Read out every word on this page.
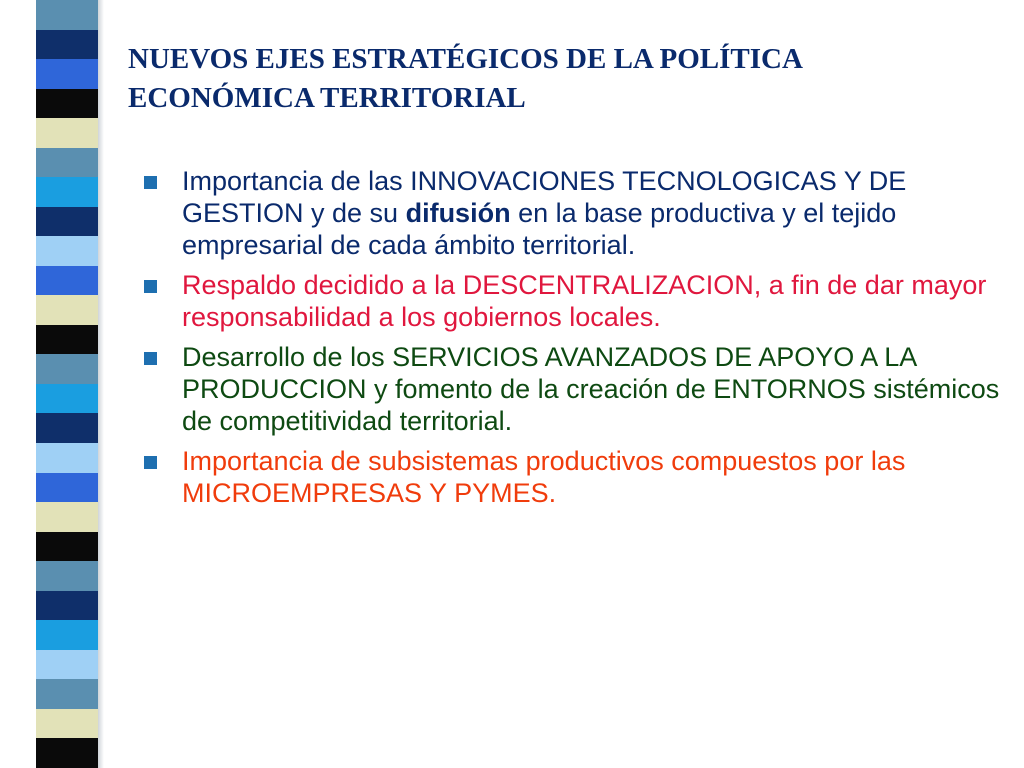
NUEVOS EJES ESTRATÉGICOS DE LA POLÍTICA
ECONÓMICA TERRITORIAL
Importancia de las INNOVACIONES TECNOLOGICAS Y DE GESTION y de su difusión en la base productiva y el tejido empresarial de cada ámbito territorial.
Respaldo decidido a la DESCENTRALIZACION, a fin de dar mayor responsabilidad a los gobiernos locales.
Desarrollo de los SERVICIOS AVANZADOS DE APOYO A LA PRODUCCION y fomento de la creación de ENTORNOS sistémicos de competitividad territorial.
Importancia de subsistemas productivos compuestos por las MICROEMPRESAS Y PYMES.
